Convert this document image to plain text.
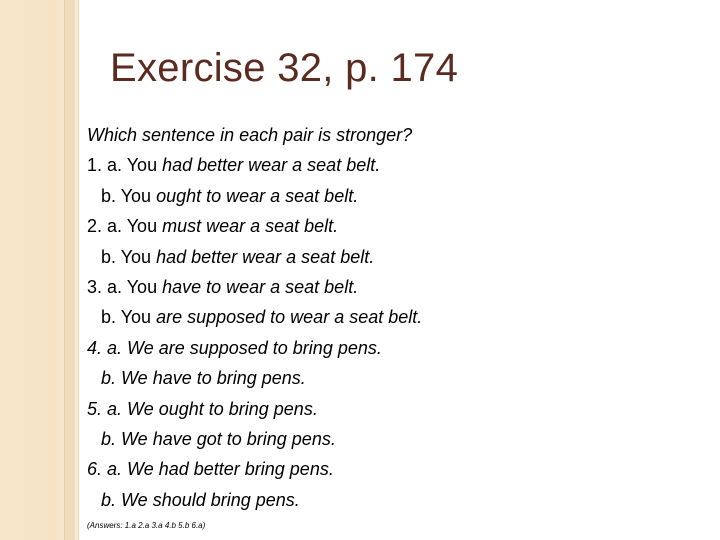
Exercise 32, p. 174
Which sentence in each pair is stronger?
1. a. You had better wear a seat belt.
b. You ought to wear a seat belt.
2. a. You must wear a seat belt.
b. You had better wear a seat belt.
3. a. You have to wear a seat belt.
b. You are supposed to wear a seat belt.
4. a. We are supposed to bring pens.
b. We have to bring pens.
5. a. We ought to bring pens.
b. We have got to bring pens.
6. a. We had better bring pens.
b. We should bring pens.
(Answers: 1.a 2.a 3.a 4.b 5.b 6.a)
